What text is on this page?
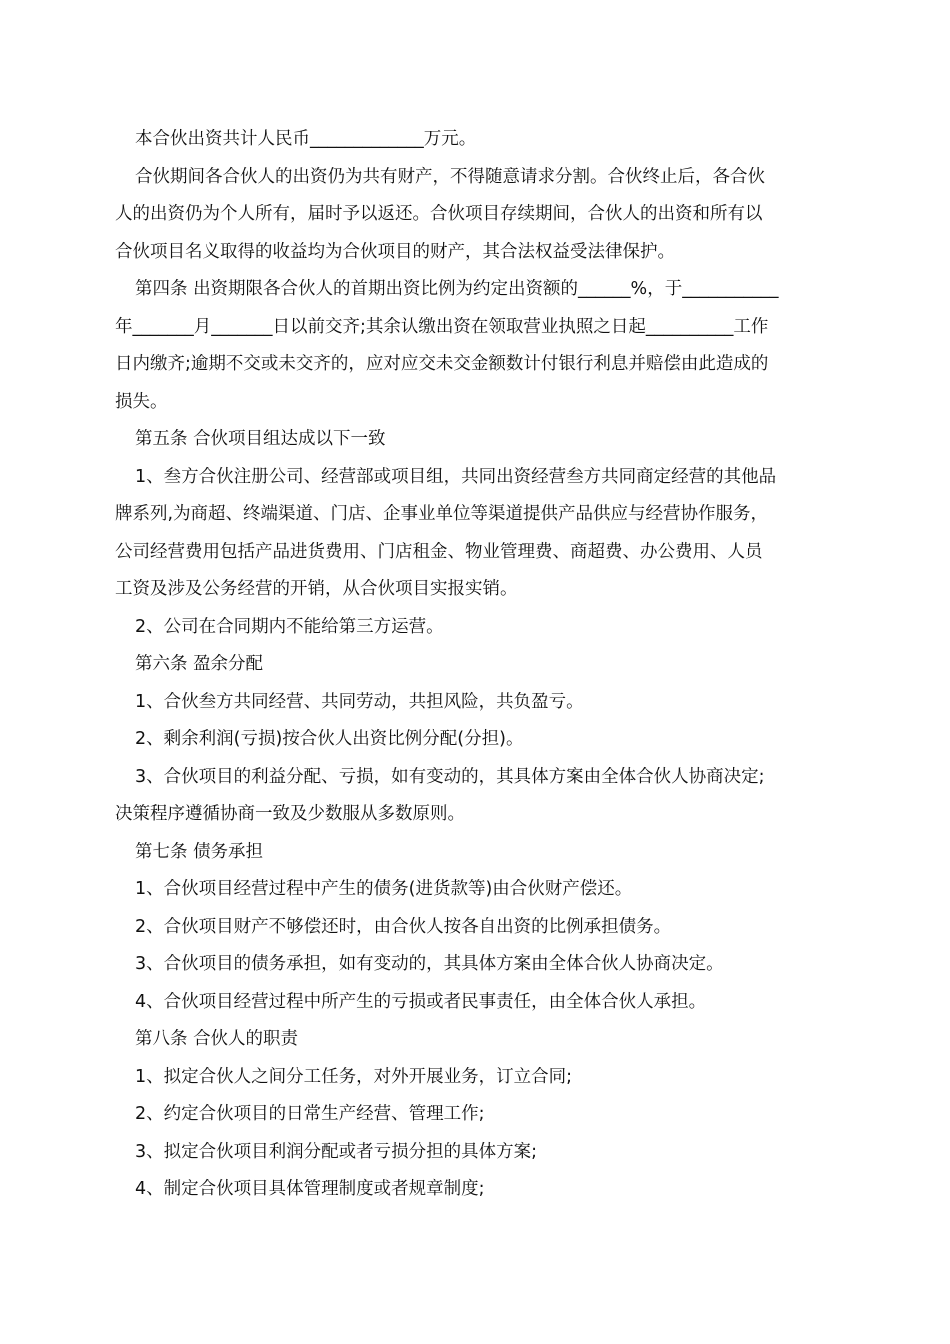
本合伙出资共计人民币_____________万元。

合伙期间各合伙人的出资仍为共有财产，不得随意请求分割。合伙终止后，各合伙
人的出资仍为个人所有，届时予以返还。合伙项目存续期间，合伙人的出资和所有以
合伙项目名义取得的收益均为合伙项目的财产，其合法权益受法律保护。

第四条 出资期限各合伙人的首期出资比例为约定出资额的______%，于___________
年_______月_______日以前交齐;其余认缴出资在领取营业执照之日起__________工作
日内缴齐;逾期不交或未交齐的，应对应交未交金额数计付银行利息并赔偿由此造成的
损失。

第五条 合伙项目组达成以下一致

1、叁方合伙注册公司、经营部或项目组，共同出资经营叁方共同商定经营的其他品
牌系列,为商超、终端渠道、门店、企事业单位等渠道提供产品供应与经营协作服务，
公司经营费用包括产品进货费用、门店租金、物业管理费、商超费、办公费用、人员
工资及涉及公务经营的开销，从合伙项目实报实销。

2、公司在合同期内不能给第三方运营。

第六条 盈余分配

1、合伙叁方共同经营、共同劳动，共担风险，共负盈亏。

2、剩余利润(亏损)按合伙人出资比例分配(分担)。

3、合伙项目的利益分配、亏损，如有变动的，其具体方案由全体合伙人协商决定;
决策程序遵循协商一致及少数服从多数原则。

第七条 债务承担

1、合伙项目经营过程中产生的债务(进货款等)由合伙财产偿还。

2、合伙项目财产不够偿还时，由合伙人按各自出资的比例承担债务。

3、合伙项目的债务承担，如有变动的，其具体方案由全体合伙人协商决定。

4、合伙项目经营过程中所产生的亏损或者民事责任，由全体合伙人承担。

第八条 合伙人的职责

1、拟定合伙人之间分工任务，对外开展业务，订立合同;

2、约定合伙项目的日常生产经营、管理工作;

3、拟定合伙项目利润分配或者亏损分担的具体方案;

4、制定合伙项目具体管理制度或者规章制度;
